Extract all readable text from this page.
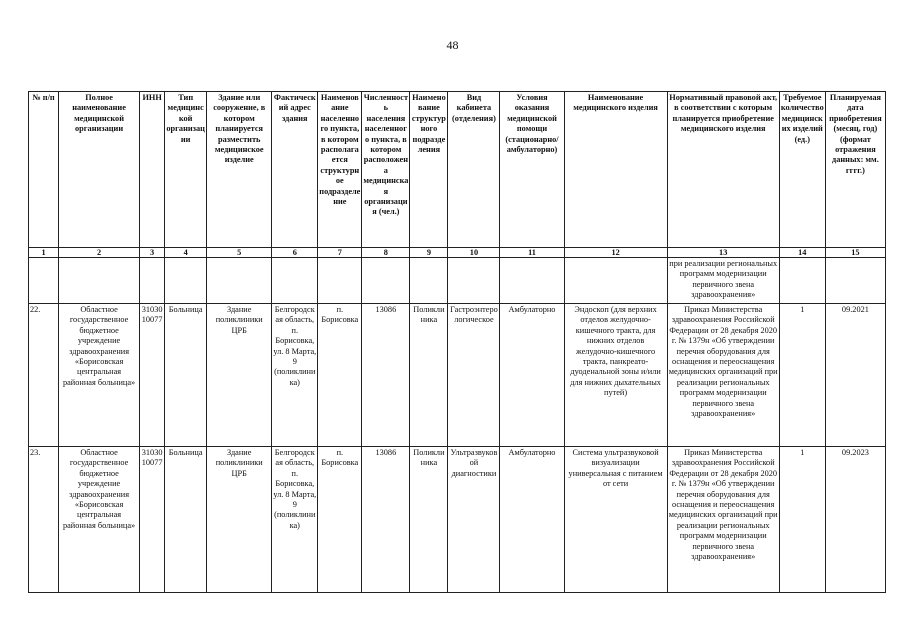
48
№ п/п	Полное наименование медицинской организации	ИНН	Тип медицинской организации	Здание или сооружение, в котором планируется разместить медицинское изделие	Фактический адрес здания	Наименование населенного пункта, в котором располагается структурное подразделение	Численность населения населенного пункта, в котором расположена медицинская организация (чел.)	Наименование структурного подразделения	Вид кабинета (отделения)	Условия оказания медицинской помощи (стационарно/амбулаторно)	Наименование медицинского изделия	Нормативный правовой акт, в соответствии с которым планируется приобретение медицинского изделия	Требуемое количество медицинских изделий (ед.)	Планируемая дата приобретения (месяц, год) (формат отражения данных: мм. гггг.)
1	2	3	4	5	6	7	8	9	10	11	12	13	14	15
												при реализации региональных программ модернизации первичного звена здравоохранения»		
22.	Областное государственное бюджетное учреждение здравоохранения «Борисовская центральная районная больница»	3103010077	Больница	Здание поликлиники ЦРБ	Белгородская область, п. Борисовка, ул. 8 Марта, 9 (поликлиника)	п. Борисовка	13086	Поликлиника	Гастроэнтерологическое	Амбулаторно	Эндоскоп (для верхних отделов желудочно-кишечного тракта, для нижних отделов желудочно-кишечного тракта, панкреато-дуоденальной зоны и/или для нижних дыхательных путей)	Приказ Министерства здравоохранения Российской Федерации от 28 декабря 2020 г. № 1379н «Об утверждении перечня оборудования для оснащения и переоснащения медицинских организаций при реализации региональных программ модернизации первичного звена здравоохранения»	1	09.2021
23.	Областное государственное бюджетное учреждение здравоохранения «Борисовская центральная районная больница»	3103010077	Больница	Здание поликлиники ЦРБ	Белгородская область, п. Борисовка, ул. 8 Марта, 9 (поликлиника)	п. Борисовка	13086	Поликлиника	Ультразвуковой диагностики	Амбулаторно	Система ультразвуковой визуализации универсальная с питанием от сети	Приказ Министерства здравоохранения Российской Федерации от 28 декабря 2020 г. № 1379н «Об утверждении перечня оборудования для оснащения и переоснащения медицинских организаций при реализации региональных программ модернизации первичного звена здравоохранения»	1	09.2023
